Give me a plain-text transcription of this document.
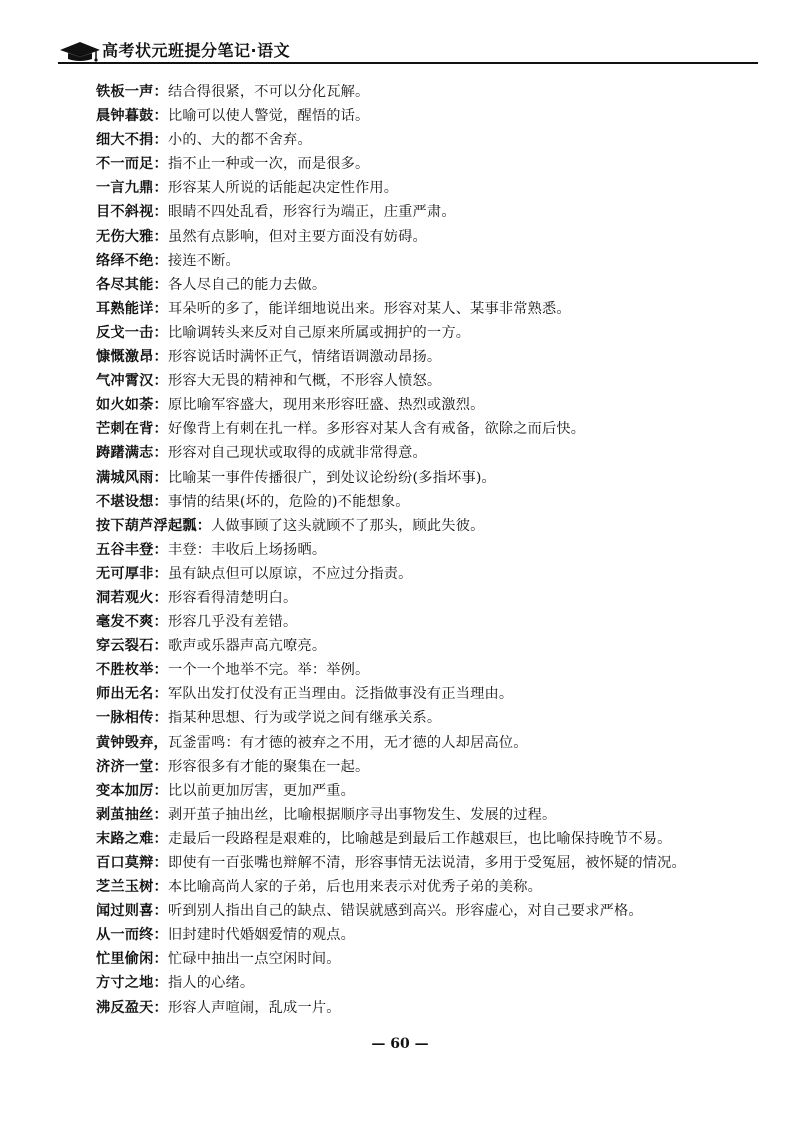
高考状元班提分笔记·语文
铁板一声：结合得很紧，不可以分化瓦解。
晨钟暮鼓：比喻可以使人警觉，醒悟的话。
细大不捐：小的、大的都不舍弃。
不一而足：指不止一种或一次，而是很多。
一言九鼎：形容某人所说的话能起决定性作用。
目不斜视：眼睛不四处乱看，形容行为端正，庄重严肃。
无伤大雅：虽然有点影响，但对主要方面没有妨碍。
络绎不绝：接连不断。
各尽其能：各人尽自己的能力去做。
耳熟能详：耳朵听的多了，能详细地说出来。形容对某人、某事非常熟悉。
反戈一击：比喻调转头来反对自己原来所属或拥护的一方。
慷慨激昂：形容说话时满怀正气，情绪语调激动昂扬。
气冲霄汉：形容大无畏的精神和气概，不形容人愤怒。
如火如荼：原比喻军容盛大，现用来形容旺盛、热烈或激烈。
芒刺在背：好像背上有刺在扎一样。多形容对某人含有戒备，欲除之而后快。
踌躇满志：形容对自己现状或取得的成就非常得意。
满城风雨：比喻某一事件传播很广，到处议论纷纷(多指坏事)。
不堪设想：事情的结果(坏的，危险的)不能想象。
按下葫芦浮起瓢：人做事顾了这头就顾不了那头，顾此失彼。
五谷丰登：丰登：丰收后上场扬晒。
无可厚非：虽有缺点但可以原谅，不应过分指责。
洞若观火：形容看得清楚明白。
毫发不爽：形容几乎没有差错。
穿云裂石：歌声或乐器声高亢嘹亮。
不胜枚举：一个一个地举不完。举：举例。
师出无名：军队出发打仗没有正当理由。泛指做事没有正当理由。
一脉相传：指某种思想、行为或学说之间有继承关系。
黄钟毁弃，瓦釜雷鸣：有才德的被弃之不用，无才德的人却居高位。
济济一堂：形容很多有才能的聚集在一起。
变本加厉：比以前更加厉害，更加严重。
剥茧抽丝：剥开茧子抽出丝，比喻根据顺序寻出事物发生、发展的过程。
末路之难：走最后一段路程是艰难的，比喻越是到最后工作越艰巨，也比喻保持晚节不易。
百口莫辩：即使有一百张嘴也辩解不清，形容事情无法说清，多用于受冤屈，被怀疑的情况。
芝兰玉树：本比喻高尚人家的子弟，后也用来表示对优秀子弟的美称。
闻过则喜：听到别人指出自己的缺点、错误就感到高兴。形容虚心，对自己要求严格。
从一而终：旧封建时代婚姻爱情的观点。
忙里偷闲：忙碌中抽出一点空闲时间。
方寸之地：指人的心绪。
沸反盈天：形容人声喧闹，乱成一片。
— 60 —
